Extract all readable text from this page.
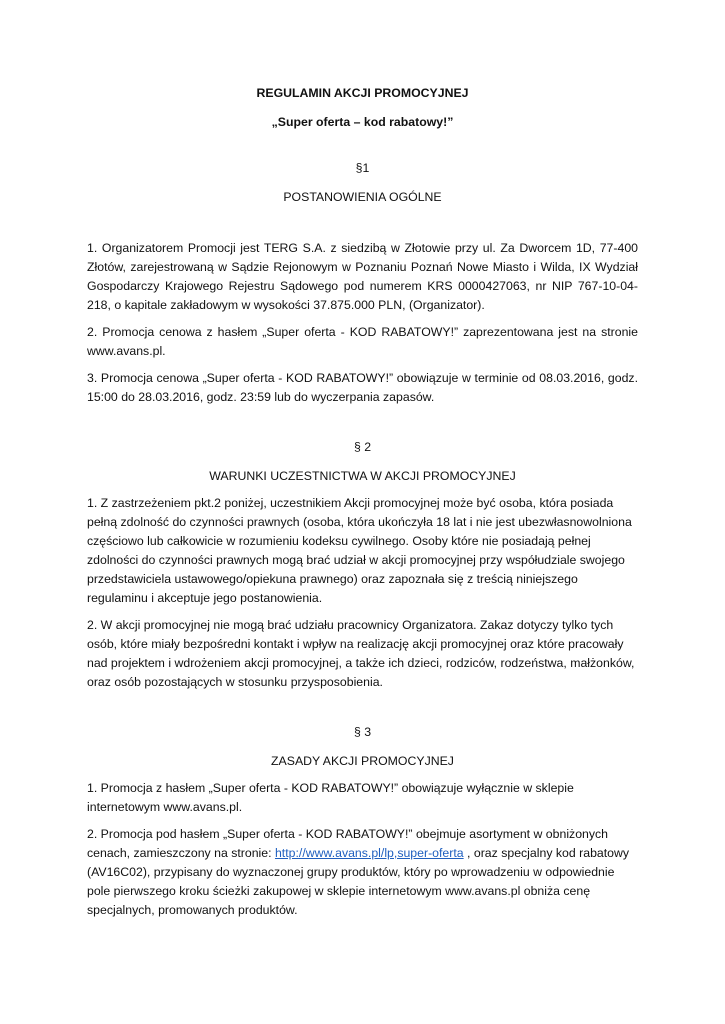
REGULAMIN AKCJI PROMOCYJNEJ

„Super oferta – kod rabatowy!”

§1

POSTANOWIENIA OGÓLNE

1. Organizatorem Promocji jest TERG S.A. z siedzibą w Złotowie przy ul. Za Dworcem 1D, 77-400 Złotów, zarejestrowaną w Sądzie Rejonowym w Poznaniu Poznań Nowe Miasto i Wilda, IX Wydział Gospodarczy Krajowego Rejestru Sądowego pod numerem KRS 0000427063, nr NIP 767-10-04-218, o kapitale zakładowym w wysokości 37.875.000 PLN, (Organizator).

2. Promocja cenowa z hasłem „Super oferta - KOD RABATOWY!” zaprezentowana jest na stronie www.avans.pl.

3. Promocja cenowa „Super oferta - KOD RABATOWY!” obowiązuje w terminie od 08.03.2016, godz. 15:00 do 28.03.2016, godz. 23:59 lub do wyczerpania zapasów.

§ 2

WARUNKI UCZESTNICTWA W AKCJI PROMOCYJNEJ

1. Z zastrzeżeniem pkt.2 poniżej, uczestnikiem Akcji promocyjnej może być osoba, która posiada pełną zdolność do czynności prawnych (osoba, która ukończyła 18 lat i nie jest ubezwłasnowolniona częściowo lub całkowicie w rozumieniu kodeksu cywilnego. Osoby które nie posiadają pełnej zdolności do czynności prawnych mogą brać udział w akcji promocyjnej przy współudziale swojego przedstawiciela ustawowego/opiekuna prawnego) oraz zapoznała się z treścią niniejszego regulaminu i akceptuje jego postanowienia.

2. W akcji promocyjnej nie mogą brać udziału pracownicy Organizatora. Zakaz dotyczy tylko tych osób, które miały bezpośredni kontakt i wpływ na realizację akcji promocyjnej oraz które pracowały nad projektem i wdrożeniem akcji promocyjnej, a także ich dzieci, rodziców, rodzeństwa, małżonków, oraz osób pozostających w stosunku przysposobienia.

§ 3

ZASADY AKCJI PROMOCYJNEJ

1. Promocja z hasłem „Super oferta - KOD RABATOWY!” obowiązuje wyłącznie w sklepie internetowym www.avans.pl.

2. Promocja pod hasłem „Super oferta - KOD RABATOWY!” obejmuje asortyment w obniżonych cenach, zamieszczony na stronie: http://www.avans.pl/lp,super-oferta , oraz specjalny kod rabatowy (AV16C02), przypisany do wyznaczonej grupy produktów, który po wprowadzeniu w odpowiednie pole pierwszego kroku ścieżki zakupowej w sklepie internetowym www.avans.pl obniża cenę specjalnych, promowanych produktów.
